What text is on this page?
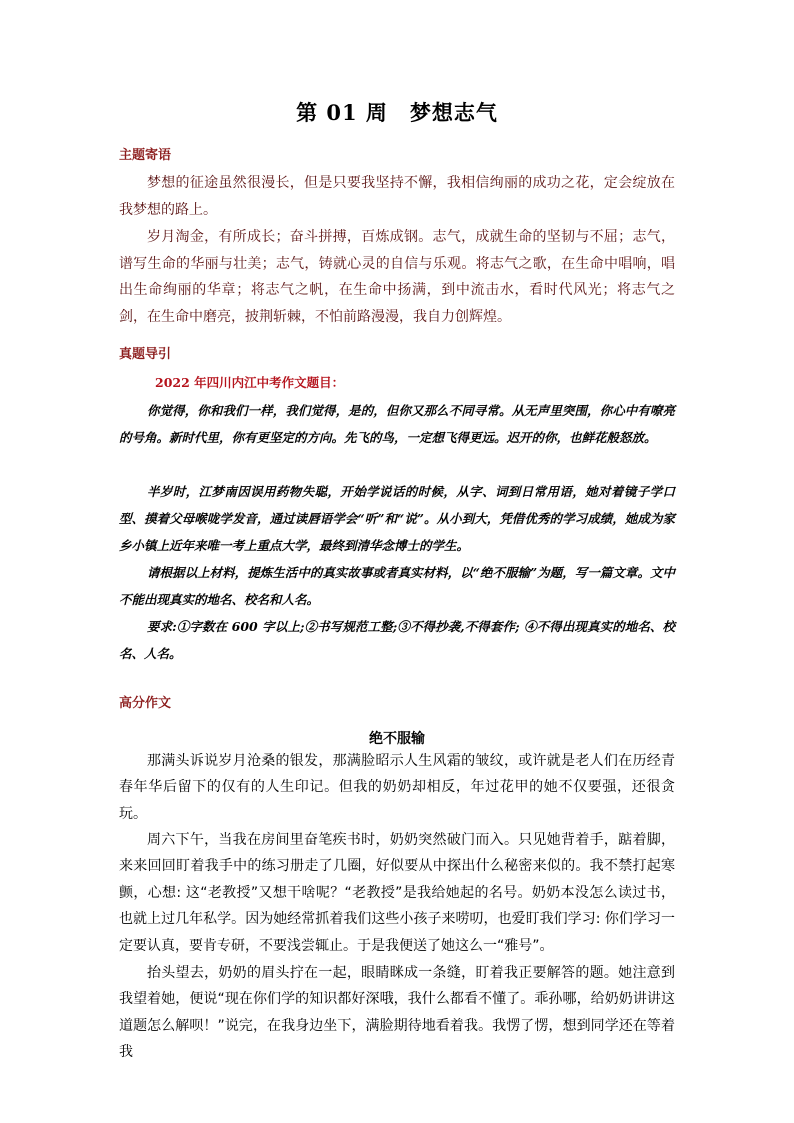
第 01 周 梦想志气
主题寄语
梦想的征途虽然很漫长，但是只要我坚持不懈，我相信绚丽的成功之花，定会绽放在我梦想的路上。
岁月淘金，有所成长；奋斗拼搏，百炼成钢。志气，成就生命的坚韧与不屈；志气，谱写生命的华丽与壮美；志气，铸就心灵的自信与乐观。将志气之歌，在生命中唱响，唱出生命绚丽的华章；将志气之帆，在生命中扬满，到中流击水，看时代风光；将志气之剑，在生命中磨亮，披荆斩棘，不怕前路漫漫，我自力创辉煌。
真题导引
2022 年四川内江中考作文题目：
你觉得，你和我们一样，我们觉得，是的，但你又那么不同寻常。从无声里突围，你心中有嘹亮的号角。新时代里，你有更坚定的方向。先飞的鸟，一定想飞得更远。迟开的你，也鲜花般怒放。
半岁时，江梦南因误用药物失聪，开始学说话的时候，从字、词到日常用语，她对着镜子学口型、摸着父母喉咙学发音，通过读唇语学会“听”和“说”。从小到大，凭借优秀的学习成绩，她成为家乡小镇上近年来唯一考上重点大学，最终到清华念博士的学生。
请根据以上材料，提炼生活中的真实故事或者真实材料，以“绝不服输”为题，写一篇文章。文中不能出现真实的地名、校名和人名。
要求:①字数在 600 字以上;②书写规范工整;③不得抄袭,不得套作; ④不得出现真实的地名、校名、人名。
高分作文
绝不服输
那满头诉说岁月沧桑的银发，那满脸昭示人生风霜的皱纹，或许就是老人们在历经青春年华后留下的仅有的人生印记。但我的奶奶却相反，年过花甲的她不仅要强，还很贪玩。
周六下午，当我在房间里奋笔疾书时，奶奶突然破门而入。只见她背着手，踮着脚，来来回回盯着我手中的练习册走了几圈，好似要从中探出什么秘密来似的。我不禁打起寒颤，心想: 这“老教授”又想干啥呢？“老教授”是我给她起的名号。奶奶本没怎么读过书，也就上过几年私学。因为她经常抓着我们这些小孩子来唠叨，也爱盯我们学习: 你们学习一定要认真，要肯专研，不要浅尝辄止。于是我便送了她这么一“雅号”。
抬头望去，奶奶的眉头拧在一起，眼睛眯成一条缝，盯着我正要解答的题。她注意到我望着她，便说“现在你们学的知识都好深哦，我什么都看不懂了。乖孙哪，给奶奶讲讲这道题怎么解呗！”说完，在我身边坐下，满脸期待地看着我。我愣了愣，想到同学还在等着我
